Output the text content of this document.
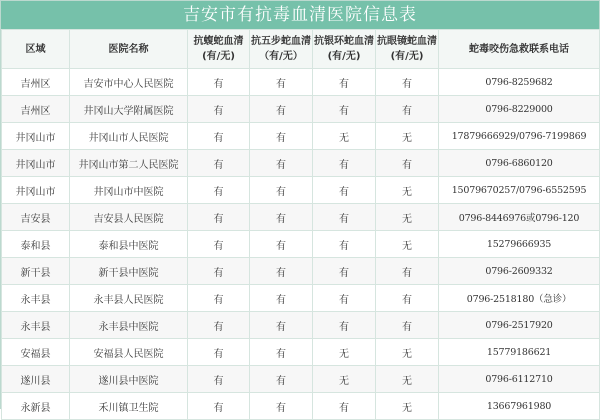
吉安市有抗毒血清医院信息表
区域	医院名称	抗蝮蛇血清(有/无)	抗五步蛇血清（有/无）	抗银环蛇血清(有/无)	抗眼镜蛇血清(有/无)	蛇毒咬伤急救联系电话
吉州区	吉安市中心人民医院	有	有	有	有	0796-8259682
吉州区	井冈山大学附属医院	有	有	有	有	0796-8229000
井冈山市	井冈山市人民医院	有	有	无	无	17879666929/0796-7199869
井冈山市	井冈山市第二人民医院	有	有	有	有	0796-6860120
井冈山市	井冈山市中医院	有	有	有	无	15079670257/0796-6552595
吉安县	吉安县人民医院	有	有	有	无	0796-8446976或0796-120
泰和县	泰和县中医院	有	有	有	无	15279666935
新干县	新干县中医院	有	有	有	有	0796-2609332
永丰县	永丰县人民医院	有	有	有	有	0796-2518180（急诊）
永丰县	永丰县中医院	有	有	有	有	0796-2517920
安福县	安福县人民医院	有	有	无	无	15779186621
遂川县	遂川县中医院	有	有	无	无	0796-6112710
永新县	禾川镇卫生院	有	有	有	无	13667961980
